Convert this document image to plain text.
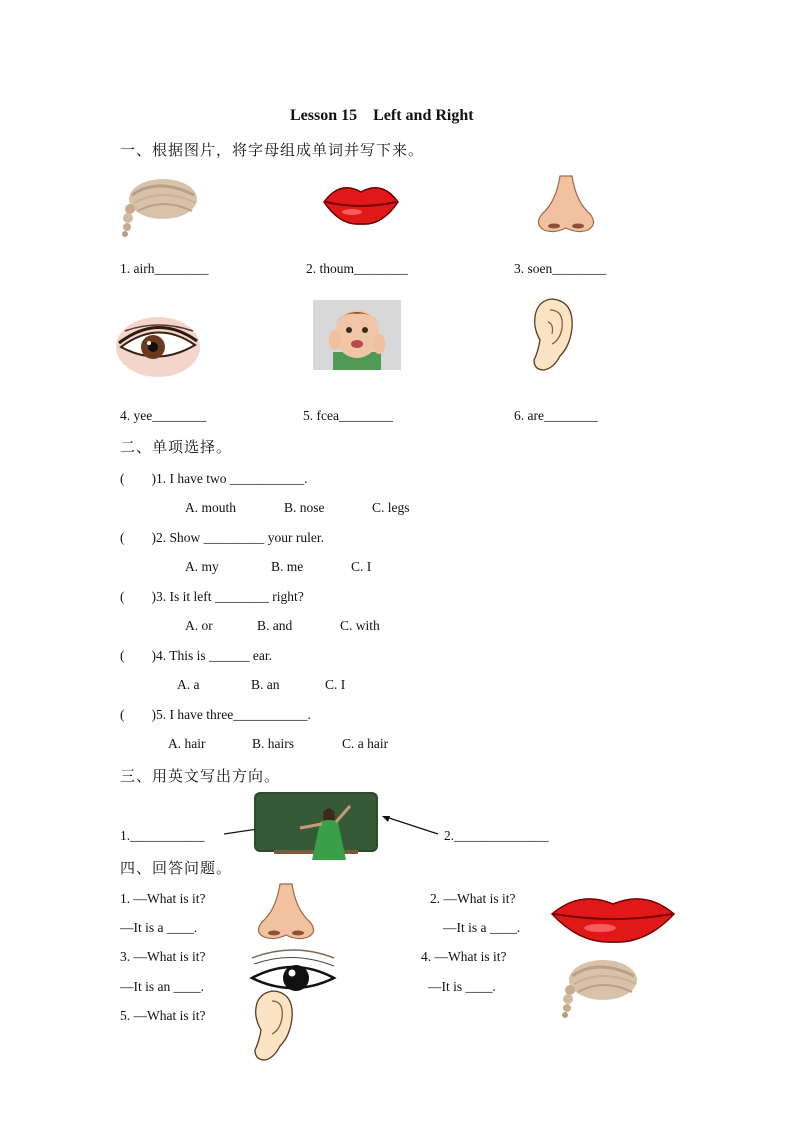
Lesson 15    Left and Right
一、根据图片，将字母组成单词并写下来。
1. airh________	2. thoum________	3. soen________
4. yee________	5. fcea________	6. are________
二、单项选择。
(        )1. I have two ___________.
A. mouth	B. nose	C. legs
(        )2. Show _________ your ruler.
A. my	B. me	C. I
(        )3. Is it left ________ right?
A. or	B. and	C. with
(        )4. This is ______ ear.
A. a	B. an	C. I
(        )5. I have three___________.
A. hair	B. hairs	C. a hair
三、用英文写出方向。
1.___________	2.______________
四、回答问题。
1. —What is it?
—It is a ____.
2. —What is it?
—It is a ____.
3. —What is it?
—It is an ____.
4. —What is it?
—It is ____.
5. —What is it?
